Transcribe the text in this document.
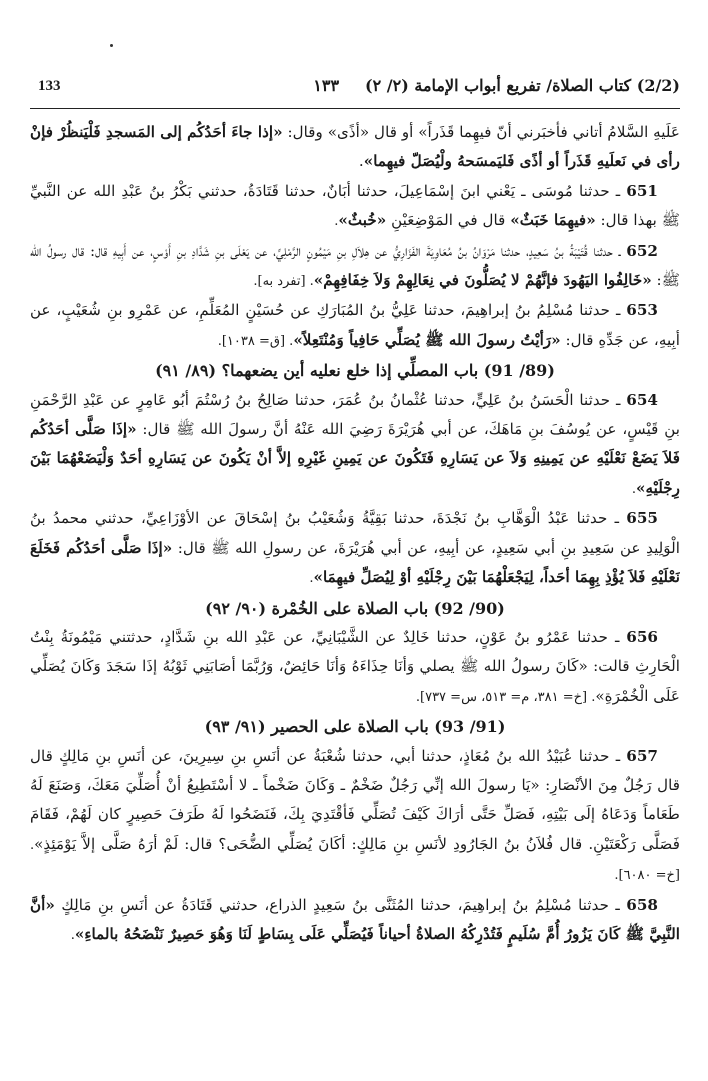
133	(2/2) كتاب الصلاة/ تفريع أبواب الإمامة (٢/ ٢)١٣٣

عَلَيهِ السَّلامُ أتاني فأخبَرني أنّ فيهِما قَذَراً» أو قال «أذًى» وقال: «إذا جاءَ أحَدُكُم إلى المَسجدِ فَلْيَنظُرْ فإنْ رأى في نَعلَيهِ قَذَراً أو أذًى فَليَمسَحهُ ولْيُصَلّ فيهِما».

651 ـ حدثنا مُوسَى ـ يَعْني ابنَ إسْمَاعِيلَ، حدثنا أبَانٌ، حدثنا قَتَادَةُ، حدثني بَكْرُ بنُ عَبْدِ الله عن النَّبيِّ ﷺ بهذا قال: «فيهِمَا خَبَثٌ» قال في المَوْضِعَيْنِ «خُبثٌ».

652 ـ حدثنا قُتَيْبَةُ بنُ سَعِيدٍ، حدثنا مَرْوَانُ بنُ مُعَاوِيَةَ الفَزَارِيُّ عن هِلاَلِ بنِ مَيْمُونٍ الرَّمْلِيِّ، عن يَعْلَى بنِ شَدَّادِ بنِ أَوْسٍ، عن أَبِيهِ قال: قال رسولُ الله ﷺ: «خَالِفُوا اليَهُودَ فإنَّهُمْ لا يُصَلُّونَ في نِعَالِهِمْ وَلاَ خِفَافِهِمْ». [تفرد به].

653 ـ حدثنا مُسْلِمُ بنُ إبراهِيمَ، حدثنا عَلِيُّ بنُ المُبَارَكِ عن حُسَيْنٍ المُعَلِّمِ، عن عَمْرِو بنِ شُعَيْبٍ، عن أبِيهِ، عن جَدِّهِ قال: «رَأيْتُ رسولَ الله ﷺ يُصَلِّي حَافِياً وَمُنْتَعِلاً». [ق= ١٠٣٨].

(89/ 91) باب المصلِّي إذا خلع نعليه أين يضعهما؟ (٨٩/ ٩١)

654 ـ حدثنا الْحَسَنُ بنُ عَلِيٍّ، حدثنا عُثْمانُ بنُ عُمَرَ، حدثنا صَالِحُ بنُ رُسْتُمَ أبُو عَامِرٍ عن عَبْدِ الرَّحْمَنِ بنِ قَيْسٍ، عن يُوسُفَ بنِ مَاهَكَ، عن أبي هُرَيْرَةَ رَضِيَ الله عَنْهُ أنَّ رسولَ الله ﷺ قال: «إذَا صَلَّى أحَدُكُم فَلاَ يَضَعْ نَعْلَيْهِ عن يَمِينِهِ وَلاَ عن يَسَارِهِ فَتَكُونَ عن يَمِينِ غَيْرِهِ إلاَّ أنْ يَكُونَ عن يَسَارِهِ أحَدٌ وَلْيَضَعْهُمَا بَيْنَ رِجْلَيْهِ».

655 ـ حدثنا عَبْدُ الْوَهَّابِ بنُ نَجْدَةَ، حدثنا بَقِيَّةُ وَشُعَيْبُ بنُ إسْحَاقَ عن الأوْزَاعِيِّ، حدثني محمدُ بنُ الْوَلِيدِ عن سَعِيدِ بنِ أبي سَعِيدٍ، عن أبِيهِ، عن أبي هُرَيْرَةَ، عن رسولِ الله ﷺ قال: «إذَا صَلَّى أحَدُكُم فَخَلَعَ نَعْلَيْهِ فَلاَ يُؤْذِ بِهِمَا أحَداً، لِيَجْعَلْهُمَا بَيْنَ رِجْلَيْهِ أوْ لِيُصَلِّ فيهِمَا».

(90/ 92) باب الصلاة على الخُمْرة (٩٠/ ٩٢)

656 ـ حدثنا عَمْرُو بنُ عَوْنٍ، حدثنا خَالِدٌ عن الشَّيْبَانِيِّ، عن عَبْدِ الله بنِ شَدَّادٍ، حدثتني مَيْمُونَةُ بِنْتُ الْحَارِثِ قالت: «كَانَ رسولُ الله ﷺ يصلي وَأنَا حِذَاءَهُ وَأنَا حَائِضٌ، وَرُبَّمَا أصَابَنِي ثَوْبُهُ إذَا سَجَدَ وَكَانَ يُصَلِّي عَلَى الْخُمْرَةِ». [خ= ٣٨١، م= ٥١٣، س= ٧٣٧].

(91/ 93) باب الصلاة على الحصير (٩١/ ٩٣)

657 ـ حدثنا عُبَيْدُ الله بنُ مُعَاذٍ، حدثنا أبي، حدثنا شُعْبَةُ عن أنَسِ بنِ سِيرِينَ، عن أنَسِ بنِ مَالِكٍ قال قال رَجُلٌ مِنَ الأنْصَارِ: «يَا رسولَ الله إنِّي رَجُلٌ ضَخْمٌ ـ وَكَانَ ضَخْماً ـ لا أسْتَطِيعُ أنْ أُصَلِّيَ مَعَكَ، وَصَنَعَ لَهُ طَعَاماً وَدَعَاهُ إلَى بَيْتِهِ، فَصَلِّ حَتَّى أرَاكَ كَيْفَ تُصَلِّي فَأقْتَدِيَ بِكَ، فَنَضَحُوا لَهُ طَرَفَ حَصِيرٍ كان لَهُمْ، فَقَامَ فَصَلَّى رَكْعَتَيْنِ. قال فُلاَنُ بنُ الجَارُودِ لأنَسِ بنِ مَالِكٍ: أكَانَ يُصَلِّي الضُّحَى؟ قال: لَمْ أرَهُ صَلَّى إلاَّ يَوْمَئِذٍ». [خ= ٦٠٨٠].

658 ـ حدثنا مُسْلِمُ بنُ إبراهِيمَ، حدثنا المُثَنَّى بنُ سَعِيدٍ الذراع، حدثني قَتَادَةُ عن أنَسِ بنِ مَالِكٍ «أنَّ النَّبِيَّ ﷺ كَانَ يَزُورُ أُمَّ سُلَيمٍ فَتُدْرِكُهُ الصلاةُ أحياناً فَيُصَلِّي عَلَى بِسَاطٍ لَنَا وَهُوَ حَصِيرٌ نَنْضَحُهُ بالماءِ».
